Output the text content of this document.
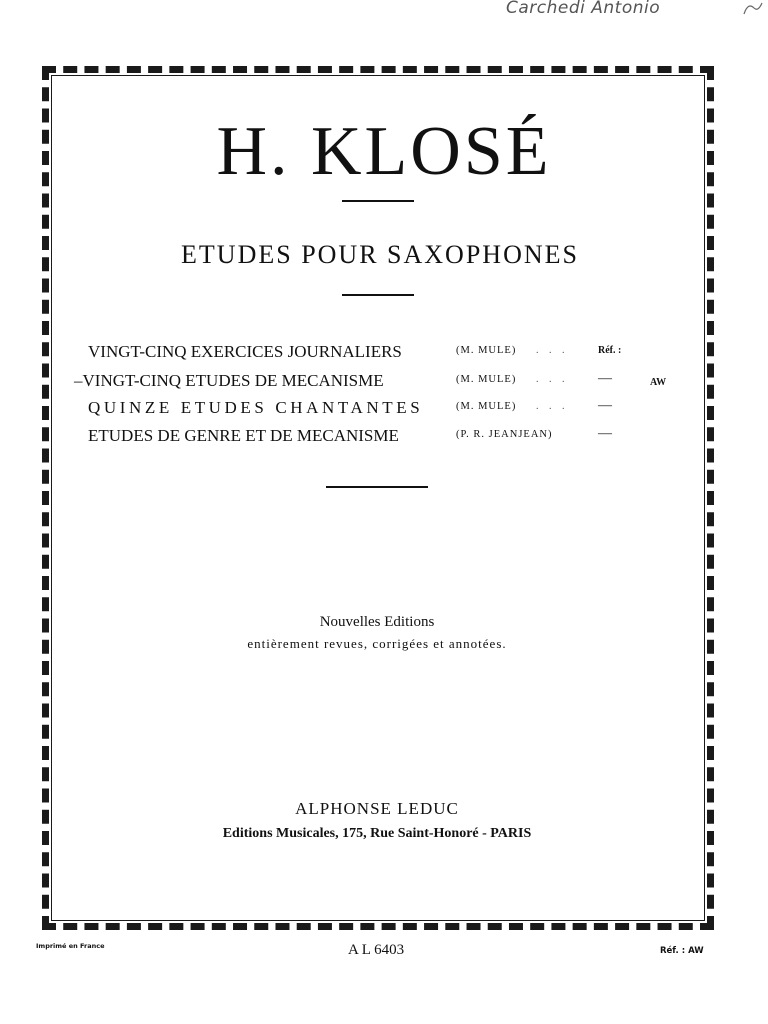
Carchedi Antonio
H. KLOSÉ
ETUDES POUR SAXOPHONES
VINGT-CINQ EXERCICES JOURNALIERS	(M. MULE) . . .	Réf. :
–VINGT-CINQ ETUDES DE MECANISME	(M. MULE) . . . —	AW
QUINZE ETUDES CHANTANTES	(M. MULE) . . . —
ETUDES DE GENRE ET DE MECANISME	(P. R. JEANJEAN)	—
Nouvelles Editions
entièrement revues, corrigées et annotées.
ALPHONSE LEDUC
Editions Musicales, 175, Rue Saint-Honoré - PARIS
Imprimé en France	A L 6403	Réf. : AW
